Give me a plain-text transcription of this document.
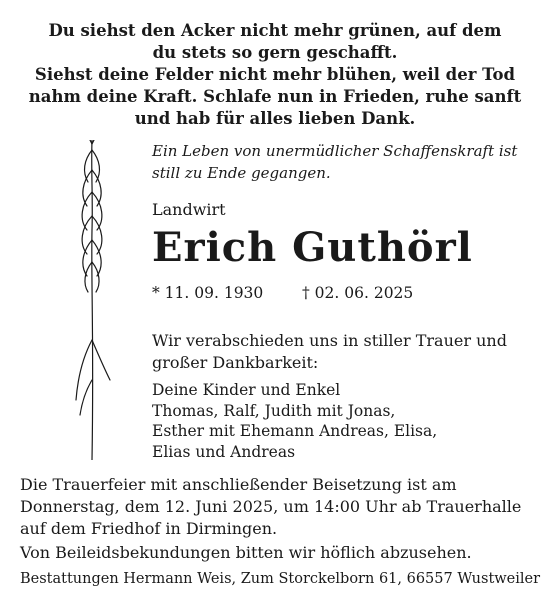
Du siehst den Acker nicht mehr grünen, auf dem
du stets so gern geschafft.
Siehst deine Felder nicht mehr blühen, weil der Tod
nahm deine Kraft. Schlafe nun in Frieden, ruhe sanft
und hab für alles lieben Dank.
Ein Leben von unermüdlicher Schaffenskraft ist
still zu Ende gegangen.
Landwirt
Erich Guthörl
* 11. 09. 1930 † 02. 06. 2025
Wir verabschieden uns in stiller Trauer und
großer Dankbarkeit:
Deine Kinder und Enkel
Thomas, Ralf, Judith mit Jonas,
Esther mit Ehemann Andreas, Elisa,
Elias und Andreas
Die Trauerfeier mit anschließender Beisetzung ist am
Donnerstag, dem 12. Juni 2025, um 14:00 Uhr ab Trauerhalle
auf dem Friedhof in Dirmingen.
Von Beileidsbekundungen bitten wir höflich abzusehen.
Bestattungen Hermann Weis, Zum Storckelborn 61, 66557 Wustweiler
